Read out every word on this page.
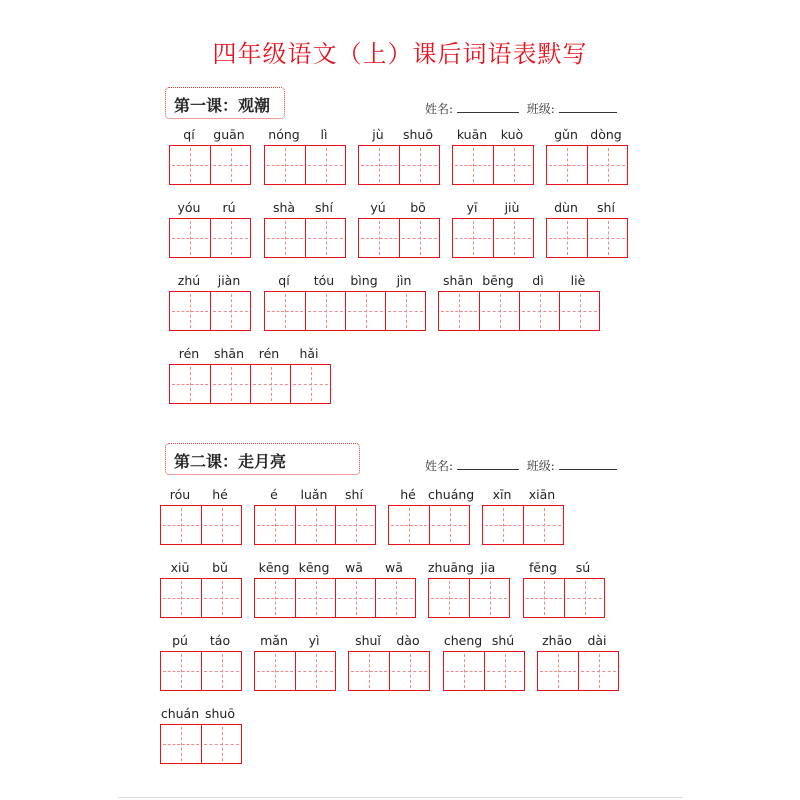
四年级语文（上）课后词语表默写
第一课：观潮	姓名:	班级:
第二课：走月亮	姓名:	班级:
qí	guān	nóng	lì	jù	shuō	kuān	kuò	gǔn dòng
yóu	rú	shà	shí	yú	bō	yī	jiù	dùn	shí
zhú	jiàn	qí	tóu	bìng	jìn	shān bēng	dì	liè
rén	shān	rén	hǎi
róu	hé	é	luǎn	shí	hé chuáng	xīn	xiān
xiū	bǔ	kēng kēng	wā	wā	zhuāng jia	fēng	sú
pú	táo	mǎn	yì	shuǐ	dào	cheng shú	zhāo	dài
chuán shuō
